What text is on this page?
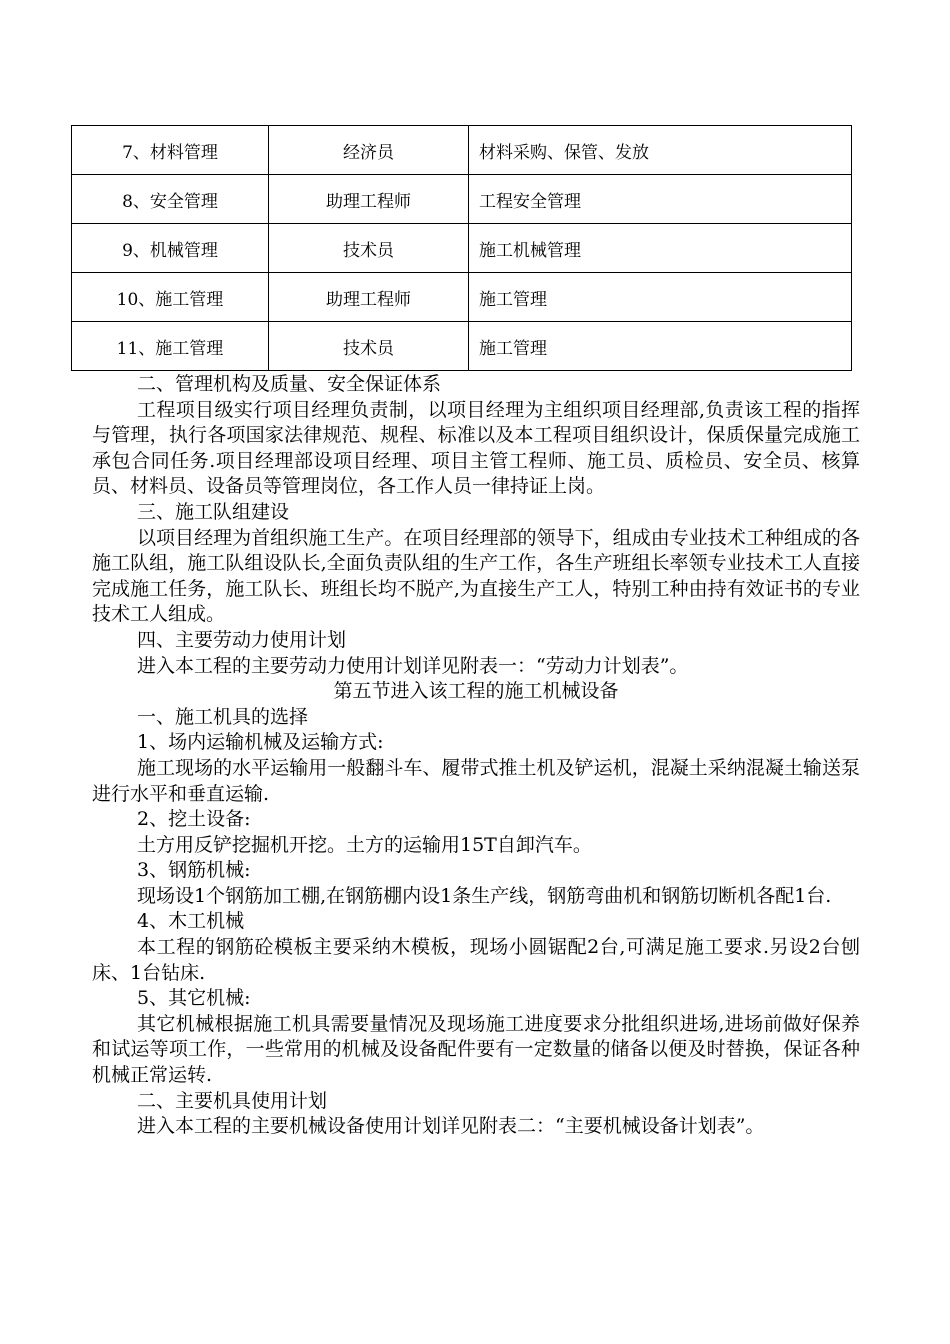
7、材料管理	经济员	材料采购、保管、发放
8、安全管理	助理工程师	工程安全管理
9、机械管理	技术员	施工机械管理
10、施工管理	助理工程师	施工管理
11、施工管理	技术员	施工管理

二、管理机构及质量、安全保证体系

工程项目级实行项目经理负责制，以项目经理为主组织项目经理部,负责该工程的指挥与管理，执行各项国家法律规范、规程、标准以及本工程项目组织设计，保质保量完成施工承包合同任务.项目经理部设项目经理、项目主管工程师、施工员、质检员、安全员、核算员、材料员、设备员等管理岗位，各工作人员一律持证上岗。

三、施工队组建设

以项目经理为首组织施工生产。在项目经理部的领导下，组成由专业技术工种组成的各施工队组，施工队组设队长,全面负责队组的生产工作，各生产班组长率领专业技术工人直接完成施工任务，施工队长、班组长均不脱产,为直接生产工人，特别工种由持有效证书的专业技术工人组成。

四、主要劳动力使用计划

进入本工程的主要劳动力使用计划详见附表一：“劳动力计划表”。

第五节进入该工程的施工机械设备

一、施工机具的选择

1、场内运输机械及运输方式:

施工现场的水平运输用一般翻斗车、履带式推土机及铲运机，混凝土采纳混凝土输送泵进行水平和垂直运输.

2、挖土设备:

土方用反铲挖掘机开挖。土方的运输用15T自卸汽车。

3、钢筋机械:

现场设1个钢筋加工棚,在钢筋棚内设1条生产线，钢筋弯曲机和钢筋切断机各配1台.

4、木工机械

本工程的钢筋砼模板主要采纳木模板，现场小圆锯配2台,可满足施工要求.另设2台刨床、1台钻床.

5、其它机械:

其它机械根据施工机具需要量情况及现场施工进度要求分批组织进场,进场前做好保养和试运等项工作，一些常用的机械及设备配件要有一定数量的储备以便及时替换，保证各种机械正常运转.

二、主要机具使用计划

进入本工程的主要机械设备使用计划详见附表二：“主要机械设备计划表”。
